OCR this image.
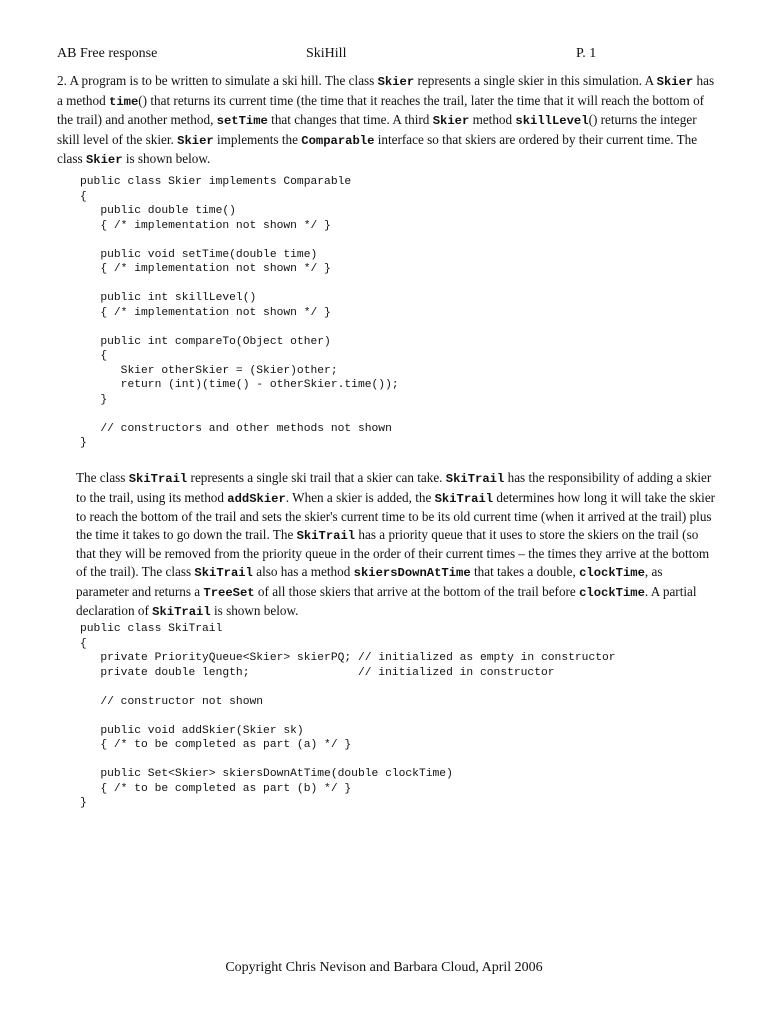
AB Free response	SkiHill	P. 1

2. A program is to be written to simulate a ski hill. The class Skier represents a single skier in this simulation. A Skier has a method time() that returns its current time (the time that it reaches the trail, later the time that it will reach the bottom of the trail) and another method, setTime that changes that time. A third Skier method skillLevel() returns the integer skill level of the skier. Skier implements the Comparable interface so that skiers are ordered by their current time. The class Skier is shown below.

public class Skier implements Comparable
{
public double time()
{ /* implementation not shown */ }

public void setTime(double time)
{ /* implementation not shown */ }

public int skillLevel()
{ /* implementation not shown */ }

public int compareTo(Object other)
{
Skier otherSkier = (Skier)other;
return (int)(time() - otherSkier.time());
}

// constructors and other methods not shown
}

The class SkiTrail represents a single ski trail that a skier can take. SkiTrail has the responsibility of adding a skier to the trail, using its method addSkier. When a skier is added, the SkiTrail determines how long it will take the skier to reach the bottom of the trail and sets the skier's current time to be its old current time (when it arrived at the trail) plus the time it takes to go down the trail. The SkiTrail has a priority queue that it uses to store the skiers on the trail (so that they will be removed from the priority queue in the order of their current times – the times they arrive at the bottom of the trail). The class SkiTrail also has a method skiersDownAtTime that takes a double, clockTime, as parameter and returns a TreeSet of all those skiers that arrive at the bottom of the trail before clockTime. A partial declaration of SkiTrail is shown below.

public class SkiTrail
{
private PriorityQueue<Skier> skierPQ; // initialized as empty in constructor
private double length;                // initialized in constructor

// constructor not shown

public void addSkier(Skier sk)
{ /* to be completed as part (a) */ }

public Set<Skier> skiersDownAtTime(double clockTime)
{ /* to be completed as part (b) */ }
}
Copyright Chris Nevison and Barbara Cloud, April 2006
